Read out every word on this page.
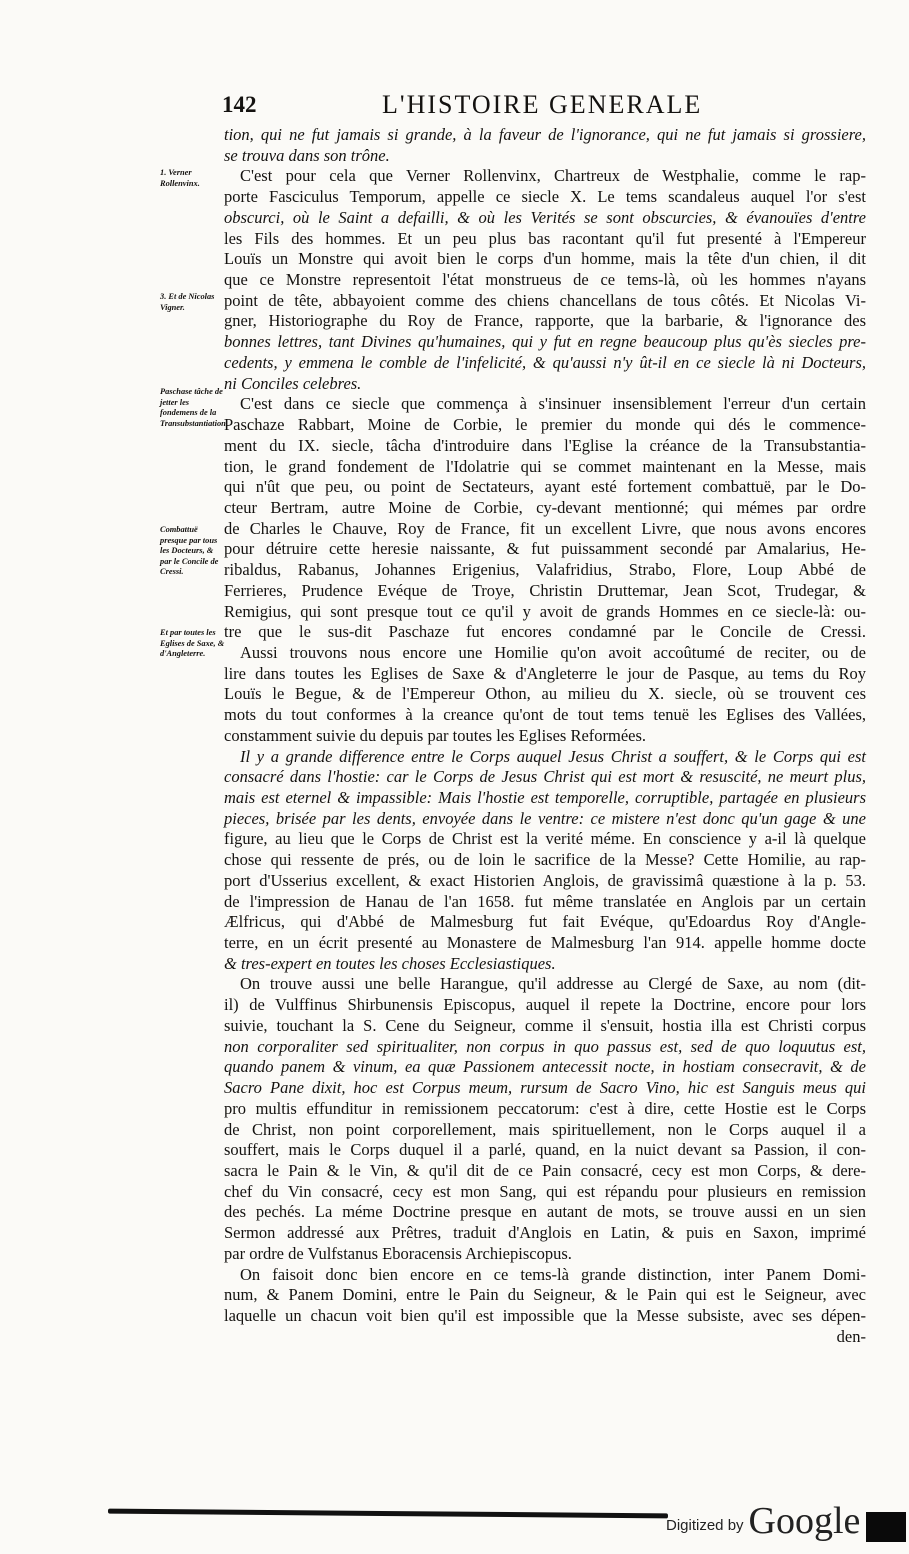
142	L'HISTOIRE GENERALE
1. Verner Rollenvinx.
3. Et de Nicolas Vigner.
Paschase tâche de jetter les fondemens de la Transubstantiation.
Combattuë presque par tous les Docteurs, & par le Concile de Cressi.
Et par toutes les Eglises de Saxe, & d'Angleterre.
tion, qui ne fut jamais si grande, à la faveur de l'ignorance, qui ne fut jamais si grossiere,
se trouva dans son trône.
C'est pour cela que Verner Rollenvinx, Chartreux de Westphalie, comme le rap-
porte Fasciculus Temporum, appelle ce siecle X. Le tems scandaleus auquel l'or s'est
obscurci, où le Saint a defailli, & où les Verités se sont obscurcies, & évanouïes d'entre
les Fils des hommes. Et un peu plus bas racontant qu'il fut presenté à l'Empereur
Louïs un Monstre qui avoit bien le corps d'un homme, mais la tête d'un chien, il dit
que ce Monstre representoit l'état monstrueus de ce tems-là, où les hommes n'ayans
point de tête, abbayoient comme des chiens chancellans de tous côtés. Et Nicolas Vi-
gner, Historiographe du Roy de France, rapporte, que la barbarie, & l'ignorance des
bonnes lettres, tant Divines qu'humaines, qui y fut en regne beaucoup plus qu'ès siecles pre-
cedents, y emmena le comble de l'infelicité, & qu'aussi n'y ût-il en ce siecle là ni Docteurs,
ni Conciles celebres.
C'est dans ce siecle que commença à s'insinuer insensiblement l'erreur d'un certain
Paschaze Rabbart, Moine de Corbie, le premier du monde qui dés le commence-
ment du IX. siecle, tâcha d'introduire dans l'Eglise la créance de la Transubstantia-
tion, le grand fondement de l'Idolatrie qui se commet maintenant en la Messe, mais
qui n'ût que peu, ou point de Sectateurs, ayant esté fortement combattuë, par le Do-
cteur Bertram, autre Moine de Corbie, cy-devant mentionné; qui mémes par ordre
de Charles le Chauve, Roy de France, fit un excellent Livre, que nous avons encores
pour détruire cette heresie naissante, & fut puissamment secondé par Amalarius, He-
ribaldus, Rabanus, Johannes Erigenius, Valafridius, Strabo, Flore, Loup Abbé de
Ferrieres, Prudence Evéque de Troye, Christin Druttemar, Jean Scot, Trudegar, &
Remigius, qui sont presque tout ce qu'il y avoit de grands Hommes en ce siecle-là: ou-
tre que le sus-dit Paschaze fut encores condamné par le Concile de Cressi.
Aussi trouvons nous encore une Homilie qu'on avoit accoûtumé de reciter, ou de
lire dans toutes les Eglises de Saxe & d'Angleterre le jour de Pasque, au tems du Roy
Louïs le Begue, & de l'Empereur Othon, au milieu du X. siecle, où se trouvent ces
mots du tout conformes à la creance qu'ont de tout tems tenuë les Eglises des Vallées,
constamment suivie du depuis par toutes les Eglises Reformées.
Il y a grande difference entre le Corps auquel Jesus Christ a souffert, & le Corps qui est
consacré dans l'hostie: car le Corps de Jesus Christ qui est mort & resuscité, ne meurt plus,
mais est eternel & impassible: Mais l'hostie est temporelle, corruptible, partagée en plusieurs
pieces, brisée par les dents, envoyée dans le ventre: ce mistere n'est donc qu'un gage & une
figure, au lieu que le Corps de Christ est la verité méme. En conscience y a-il là quelque
chose qui ressente de prés, ou de loin le sacrifice de la Messe? Cette Homilie, au rap-
port d'Usserius excellent, & exact Historien Anglois, de gravissimâ quæstione à la p. 53.
de l'impression de Hanau de l'an 1658. fut même translatée en Anglois par un certain
Ælfricus, qui d'Abbé de Malmesburg fut fait Evéque, qu'Edoardus Roy d'Angle-
terre, en un écrit presenté au Monastere de Malmesburg l'an 914. appelle homme docte
& tres-expert en toutes les choses Ecclesiastiques.
On trouve aussi une belle Harangue, qu'il addresse au Clergé de Saxe, au nom (dit-
il) de Vulffinus Shirbunensis Episcopus, auquel il repete la Doctrine, encore pour lors
suivie, touchant la S. Cene du Seigneur, comme il s'ensuit, hostia illa est Christi corpus
non corporaliter sed spiritualiter, non corpus in quo passus est, sed de quo loquutus est,
quando panem & vinum, ea quæ Passionem antecessit nocte, in hostiam consecravit, & de
Sacro Pane dixit, hoc est Corpus meum, rursum de Sacro Vino, hic est Sanguis meus qui
pro multis effunditur in remissionem peccatorum: c'est à dire, cette Hostie est le Corps
de Christ, non point corporellement, mais spirituellement, non le Corps auquel il a
souffert, mais le Corps duquel il a parlé, quand, en la nuict devant sa Passion, il con-
sacra le Pain & le Vin, & qu'il dit de ce Pain consacré, cecy est mon Corps, & dere-
chef du Vin consacré, cecy est mon Sang, qui est répandu pour plusieurs en remission
des pechés. La méme Doctrine presque en autant de mots, se trouve aussi en un sien
Sermon addressé aux Prêtres, traduit d'Anglois en Latin, & puis en Saxon, imprimé
par ordre de Vulfstanus Eboracensis Archiepiscopus.
On faisoit donc bien encore en ce tems-là grande distinction, inter Panem Domi-
num, & Panem Domini, entre le Pain du Seigneur, & le Pain qui est le Seigneur, avec
laquelle un chacun voit bien qu'il est impossible que la Messe subsiste, avec ses dépen-
den-
Digitized by Google
